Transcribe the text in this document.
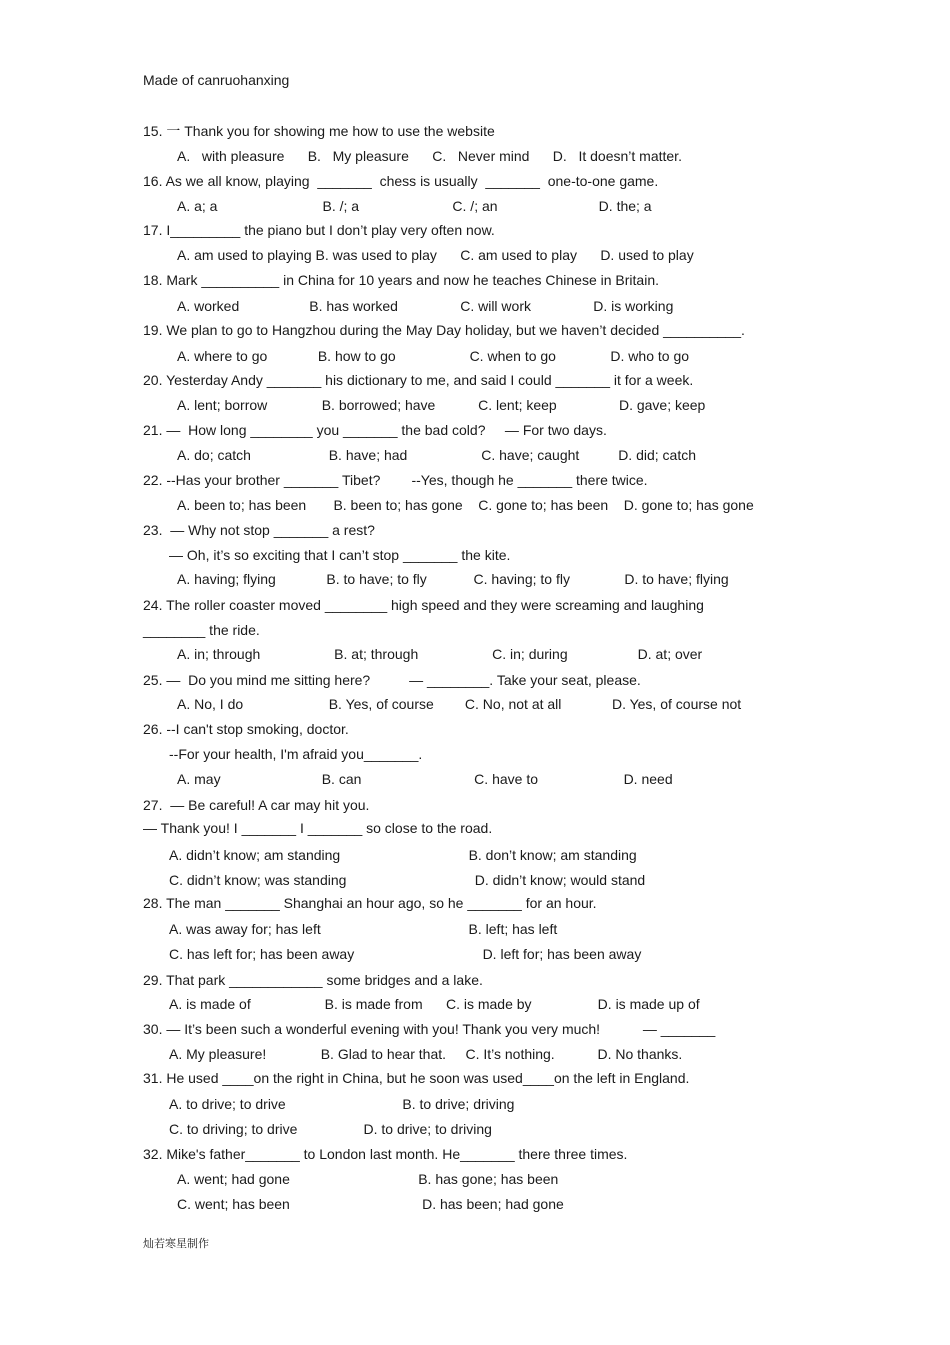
Made of canruohanxing
15. 一 Thank you for showing me how to use the website
A.   with pleasure      B.   My pleasure      C.   Never mind      D.   It doesn’t matter.
16. As we all know, playing  _______  chess is usually  _______  one-to-one game.
A. a; a                           B. /; a                        C. /; an                          D. the; a
17. I_________ the piano but I don’t play very often now.
A. am used to playing B. was used to play      C. am used to play      D. used to play
18. Mark __________ in China for 10 years and now he teaches Chinese in Britain.
A. worked                  B. has worked                C. will work                D. is working
19. We plan to go to Hangzhou during the May Day holiday, but we haven’t decided __________.
A. where to go             B. how to go                   C. when to go              D. who to go
20. Yesterday Andy _______ his dictionary to me, and said I could _______ it for a week.
A. lent; borrow              B. borrowed; have           C. lent; keep                D. gave; keep
21. —  How long ________ you _______ the bad cold?     — For two days.
A. do; catch                    B. have; had                   C. have; caught          D. did; catch
22. --Has your brother _______ Tibet?        --Yes, though he _______ there twice.
A. been to; has been       B. been to; has gone    C. gone to; has been    D. gone to; has gone
23.  — Why not stop _______ a rest?
— Oh, it’s so exciting that I can’t stop _______ the kite.
A. having; flying             B. to have; to fly            C. having; to fly              D. to have; flying
24. The roller coaster moved ________ high speed and they were screaming and laughing
________ the ride.
A. in; through                   B. at; through                   C. in; during                  D. at; over
25. —  Do you mind me sitting here?          — ________. Take your seat, please.
A. No, I do                      B. Yes, of course        C. No, not at all             D. Yes, of course not
26. --I can't stop smoking, doctor.
--For your health, I'm afraid you_______.
A. may                          B. can                             C. have to                      D. need
27.  — Be careful! A car may hit you.
— Thank you! I _______ I _______ so close to the road.
A. didn’t know; am standing                                 B. don’t know; am standing
C. didn’t know; was standing                                 D. didn’t know; would stand
28. The man _______ Shanghai an hour ago, so he _______ for an hour.
A. was away for; has left                                      B. left; has left
C. has left for; has been away                                 D. left for; has been away
29. That park ____________ some bridges and a lake.
A. is made of                   B. is made from      C. is made by                 D. is made up of
30. — It’s been such a wonderful evening with you! Thank you very much!           — _______
A. My pleasure!              B. Glad to hear that.     C. It’s nothing.           D. No thanks.
31. He used ____on the right in China, but he soon was used____on the left in England.
A. to drive; to drive                              B. to drive; driving
C. to driving; to drive                 D. to drive; to driving
32. Mike's father_______ to London last month. He_______ there three times.
A. went; had gone                                 B. has gone; has been
C. went; has been                                  D. has been; had gone
灿若寒星制作
